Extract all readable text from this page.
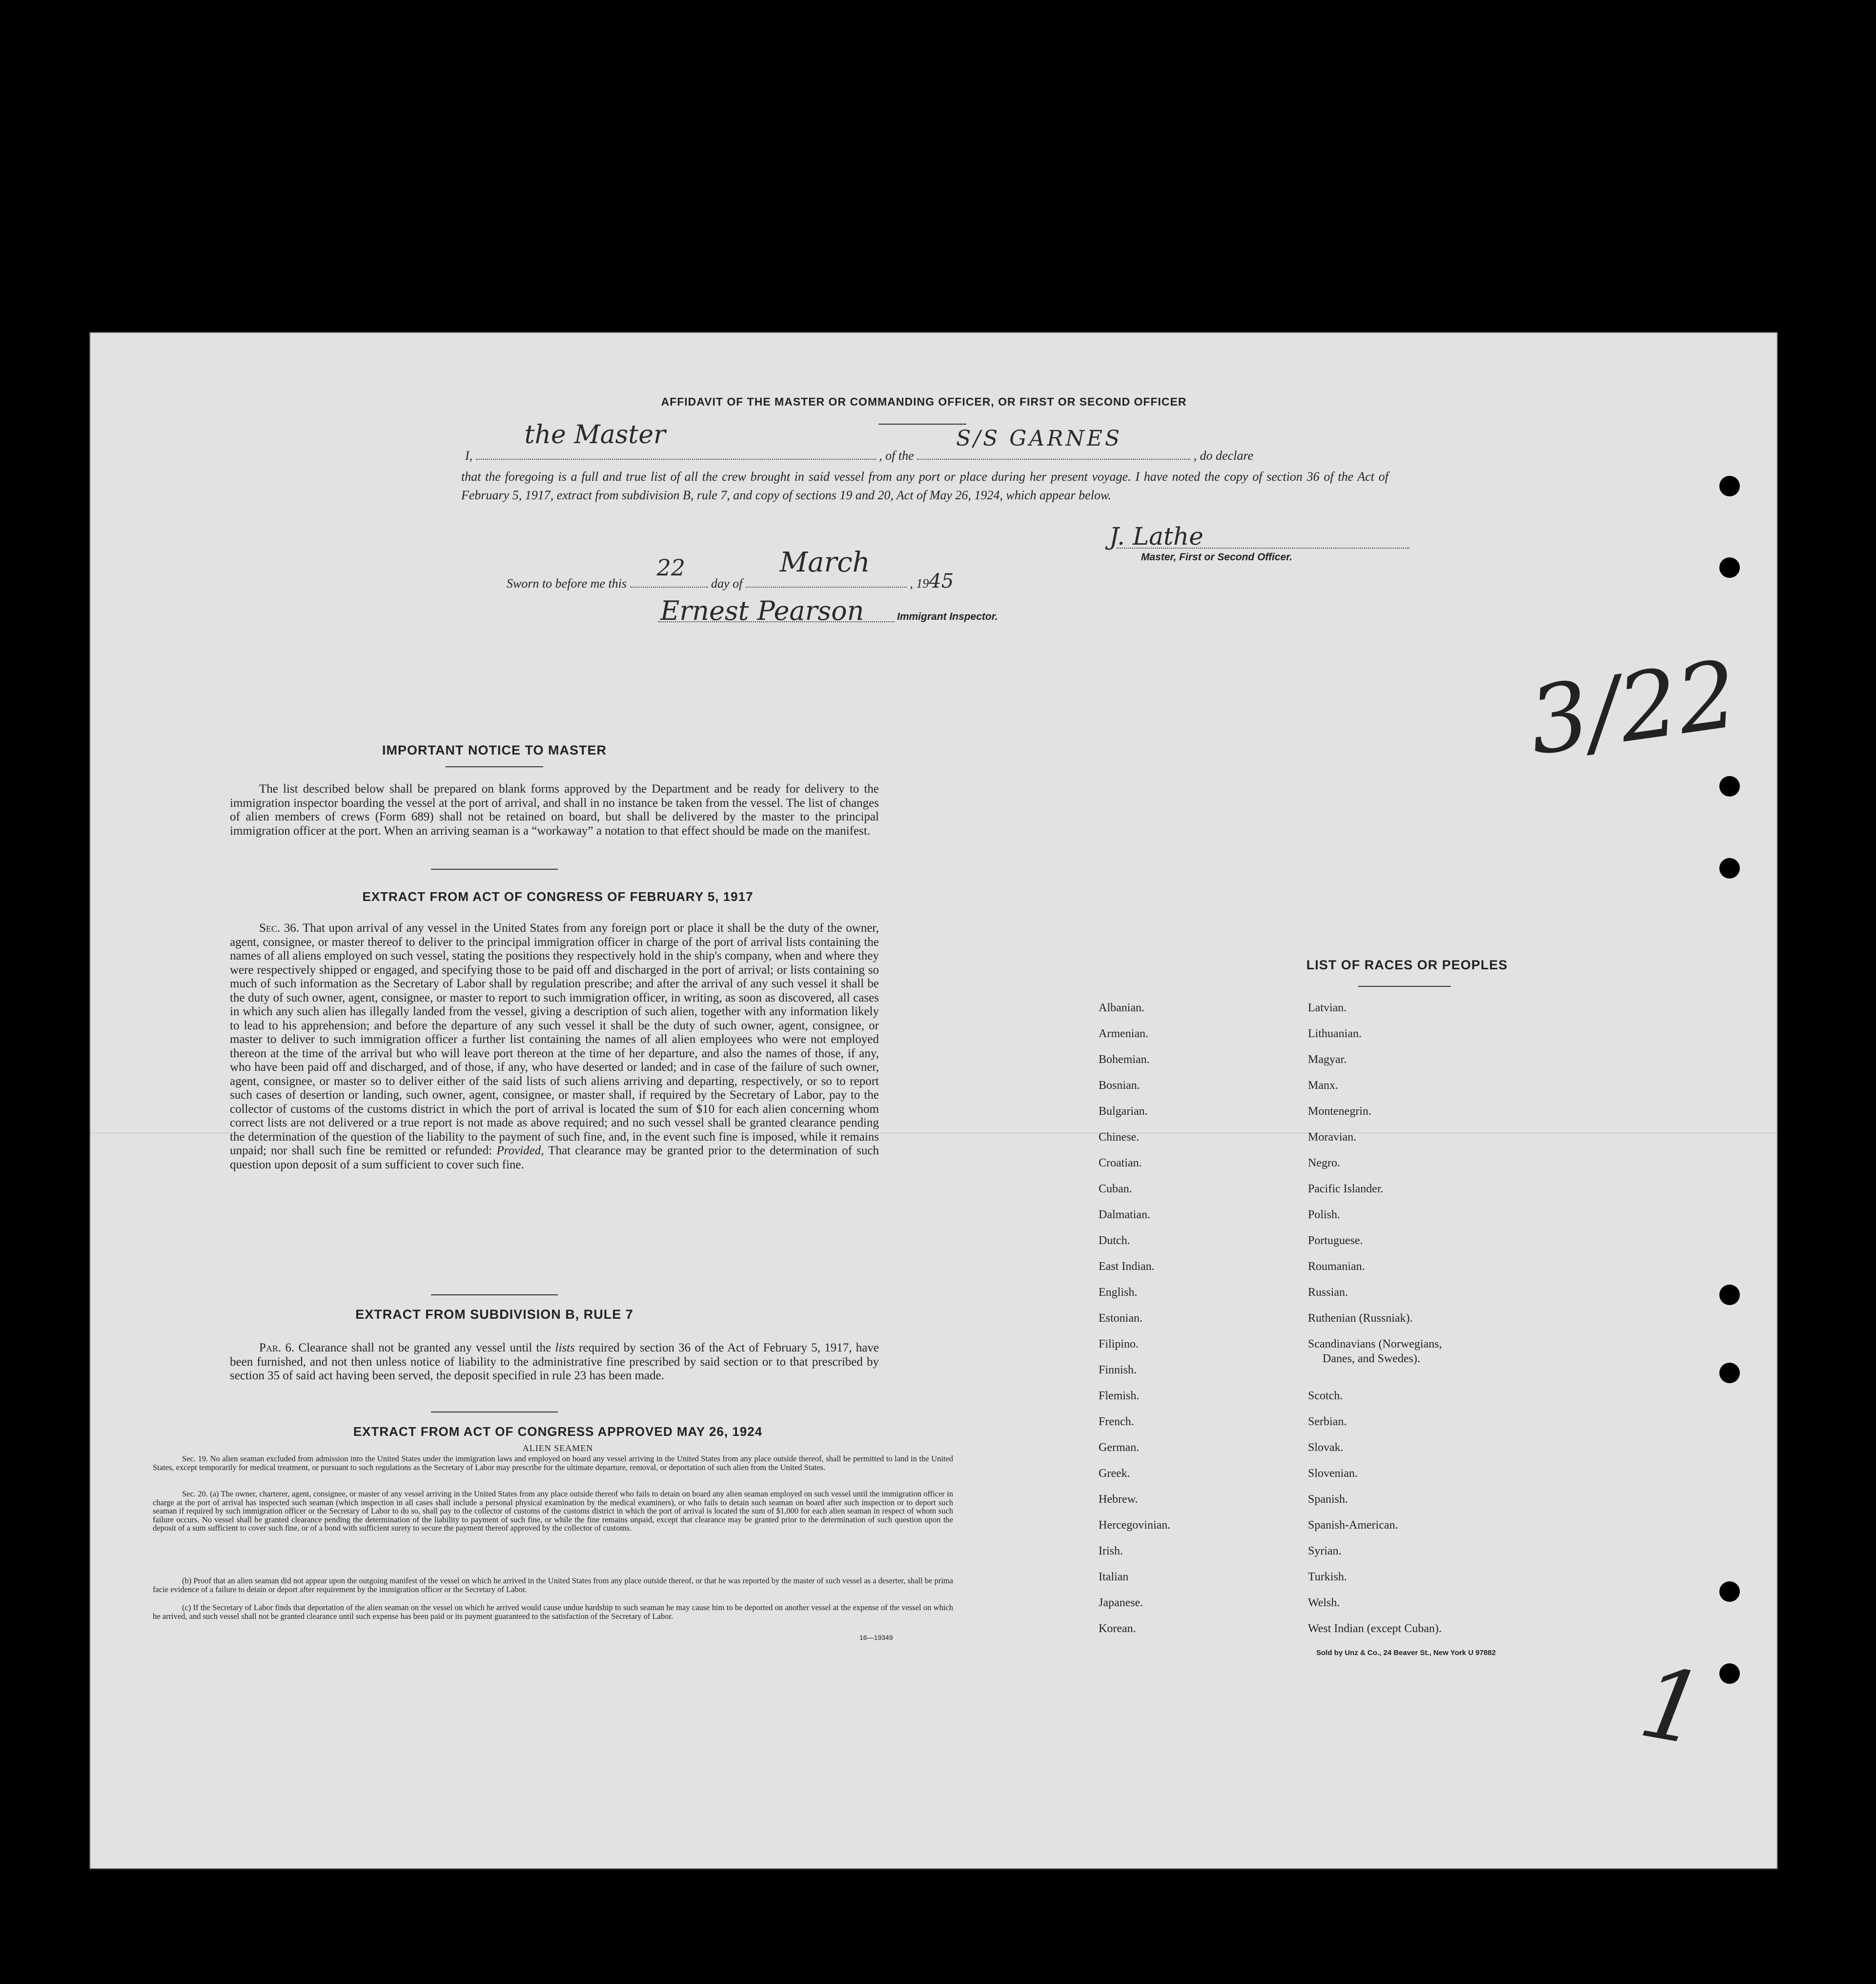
AFFIDAVIT OF THE MASTER OR COMMANDING OFFICER, OR FIRST OR SECOND OFFICER
I,
the Master
, of the
S/S GARNES
, do declare
that the foregoing is a full and true list of all the crew brought in said vessel from any port or place during her present voyage. I have noted the copy of section 36 of the Act of February 5, 1917, extract from subdivision B, rule 7, and copy of sections 19 and 20, Act of May 26, 1924, which appear below.
J. Lathe
Master, First or Second Officer.
Sworn to before me this
22
day of
March
, 1945
Ernest Pearson	Immigrant Inspector.
3/22
1
IMPORTANT NOTICE TO MASTER
The list described below shall be prepared on blank forms approved by the Department and be ready for delivery to the immigration inspector boarding the vessel at the port of arrival, and shall in no instance be taken from the vessel. The list of changes of alien members of crews (Form 689) shall not be retained on board, but shall be delivered by the master to the principal immigration officer at the port. When an arriving seaman is a “workaway” a notation to that effect should be made on the manifest.
EXTRACT FROM ACT OF CONGRESS OF FEBRUARY 5, 1917
Sec. 36. That upon arrival of any vessel in the United States from any foreign port or place it shall be the duty of the owner, agent, consignee, or master thereof to deliver to the principal immigration officer in charge of the port of arrival lists containing the names of all aliens employed on such vessel, stating the positions they respectively hold in the ship's company, when and where they were respectively shipped or engaged, and specifying those to be paid off and discharged in the port of arrival; or lists containing so much of such information as the Secretary of Labor shall by regulation prescribe; and after the arrival of any such vessel it shall be the duty of such owner, agent, consignee, or master to report to such immigration officer, in writing, as soon as discovered, all cases in which any such alien has illegally landed from the vessel, giving a description of such alien, together with any information likely to lead to his apprehension; and before the departure of any such vessel it shall be the duty of such owner, agent, consignee, or master to deliver to such immigration officer a further list containing the names of all alien employees who were not employed thereon at the time of the arrival but who will leave port thereon at the time of her departure, and also the names of those, if any, who have been paid off and discharged, and of those, if any, who have deserted or landed; and in case of the failure of such owner, agent, consignee, or master so to deliver either of the said lists of such aliens arriving and departing, respectively, or so to report such cases of desertion or landing, such owner, agent, consignee, or master shall, if required by the Secretary of Labor, pay to the collector of customs of the customs district in which the port of arrival is located the sum of $10 for each alien concerning whom correct lists are not delivered or a true report is not made as above required; and no such vessel shall be granted clearance pending the determination of the question of the liability to the payment of such fine, and, in the event such fine is imposed, while it remains unpaid; nor shall such fine be remitted or refunded: Provided, That clearance may be granted prior to the determination of such question upon deposit of a sum sufficient to cover such fine.
EXTRACT FROM SUBDIVISION B, RULE 7
Par. 6. Clearance shall not be granted any vessel until the lists required by section 36 of the Act of February 5, 1917, have been furnished, and not then unless notice of liability to the administrative fine prescribed by said section or to that prescribed by section 35 of said act having been served, the deposit specified in rule 23 has been made.
EXTRACT FROM ACT OF CONGRESS APPROVED MAY 26, 1924
ALIEN SEAMEN
Sec. 19. No alien seaman excluded from admission into the United States under the immigration laws and employed on board any vessel arriving in the United States from any place outside thereof, shall be permitted to land in the United States, except temporarily for medical treatment, or pursuant to such regulations as the Secretary of Labor may prescribe for the ultimate departure, removal, or deportation of such alien from the United States.
Sec. 20. (a) The owner, charterer, agent, consignee, or master of any vessel arriving in the United States from any place outside thereof who fails to detain on board any alien seaman employed on such vessel until the immigration officer in charge at the port of arrival has inspected such seaman (which inspection in all cases shall include a personal physical examination by the medical examiners), or who fails to detain such seaman on board after such inspection or to deport such seaman if required by such immigration officer or the Secretary of Labor to do so, shall pay to the collector of customs of the customs district in which the port of arrival is located the sum of $1,000 for each alien seaman in respect of whom such failure occurs. No vessel shall be granted clearance pending the determination of the liability to payment of such fine, or while the fine remains unpaid, except that clearance may be granted prior to the determination of such question upon the deposit of a sum sufficient to cover such fine, or of a bond with sufficient surety to secure the payment thereof approved by the collector of customs.
(b) Proof that an alien seaman did not appear upon the outgoing manifest of the vessel on which he arrived in the United States from any place outside thereof, or that he was reported by the master of such vessel as a deserter, shall be prima facie evidence of a failure to detain or deport after requirement by the immigration officer or the Secretary of Labor.
(c) If the Secretary of Labor finds that deportation of the alien seaman on the vessel on which he arrived would cause undue hardship to such seaman he may cause him to be deported on another vessel at the expense of the vessel on which he arrived, and such vessel shall not be granted clearance until such expense has been paid or its payment guaranteed to the satisfaction of the Secretary of Labor.
16—19349
LIST OF RACES OR PEOPLES
Albanian.
Armenian.
Bohemian.
Bosnian.
Bulgarian.
Chinese.
Croatian.
Cuban.
Dalmatian.
Dutch.
East Indian.
English.
Estonian.
Filipino.
Finnish.
Flemish.
French.
German.
Greek.
Hebrew.
Hercegovinian.
Irish.
Italian
Japanese.
Korean.
Latvian.
Lithuanian.
Magyar.
Manx.
Montenegrin.
Moravian.
Negro.
Pacific Islander.
Polish.
Portuguese.
Roumanian.
Russian.
Ruthenian (Russniak).
Scandinavians (Norwegians,
Danes, and Swedes).
Scotch.
Serbian.
Slovak.
Slovenian.
Spanish.
Spanish-American.
Syrian.
Turkish.
Welsh.
West Indian (except Cuban).
Sold by Unz & Co., 24 Beaver St., New York U 97882
